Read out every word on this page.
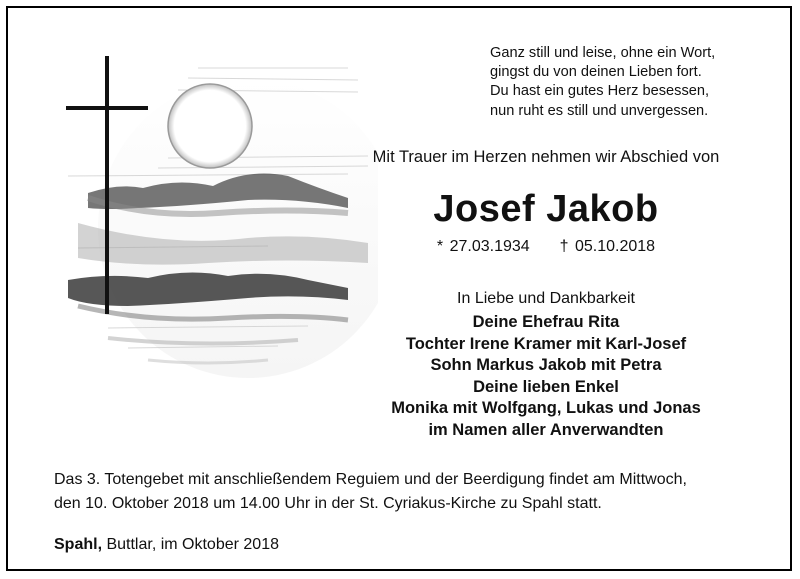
Ganz still und leise, ohne ein Wort,
gingst du von deinen Lieben fort.
Du hast ein gutes Herz besessen,
nun ruht es still und unvergessen.
Mit Trauer im Herzen nehmen wir Abschied von
Josef Jakob
* 27.03.1934 † 05.10.2018
In Liebe und Dankbarkeit
Deine Ehefrau Rita
Tochter Irene Kramer mit Karl-Josef
Sohn Markus Jakob mit Petra
Deine lieben Enkel
Monika mit Wolfgang, Lukas und Jonas
im Namen aller Anverwandten
Das 3. Totengebet mit anschließendem Reguiem und der Beerdigung findet am Mittwoch,
den 10. Oktober 2018 um 14.00 Uhr in der St. Cyriakus-Kirche zu Spahl statt.
Spahl, Buttlar, im Oktober 2018
